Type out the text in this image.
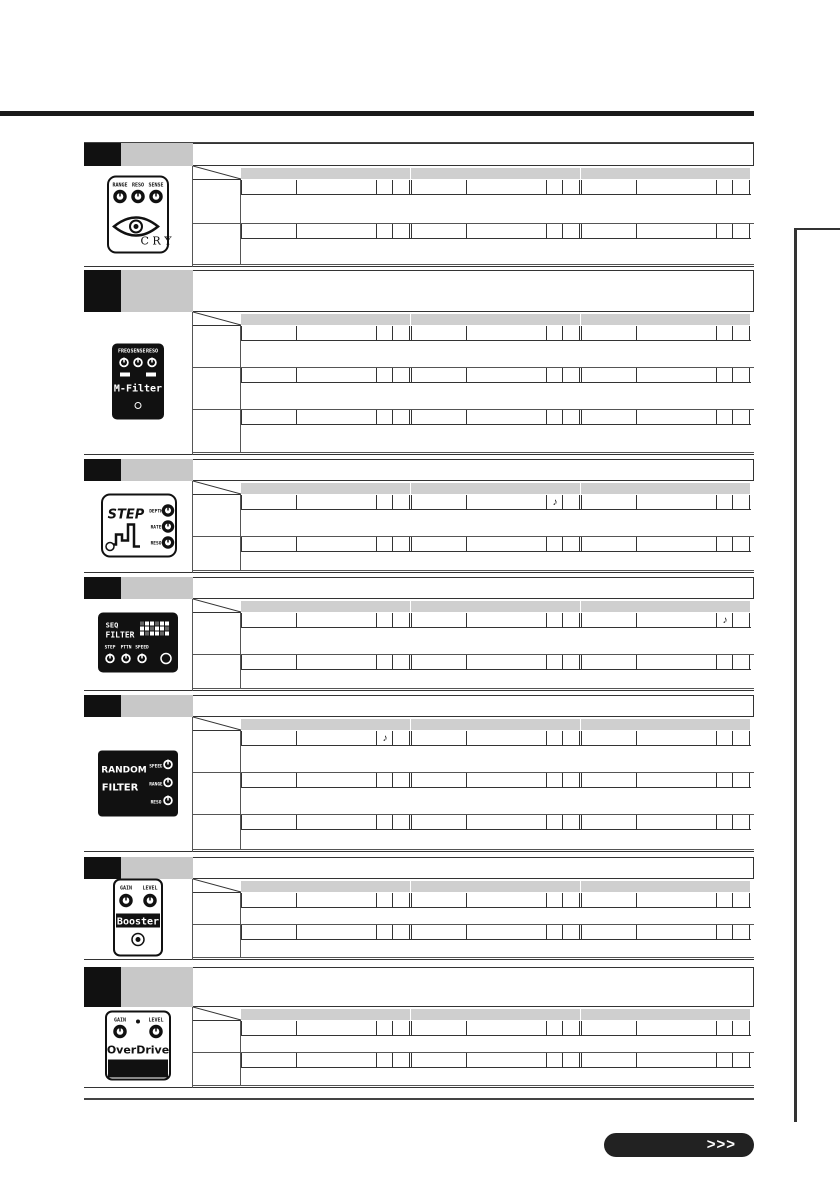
RANGE RESO SENSE
C R Y
FREQ SENSE RESO
M-Filter
STEP DEPTH
RATE
RESO
♪
SEQ
FILTER
STEP PTTN SPEED
♪
RANDOM
FILTER
SPEED
RANGE
RESO
♪
GAIN LEVEL
Booster
GAIN	LEVEL
OverDrive
>>>
